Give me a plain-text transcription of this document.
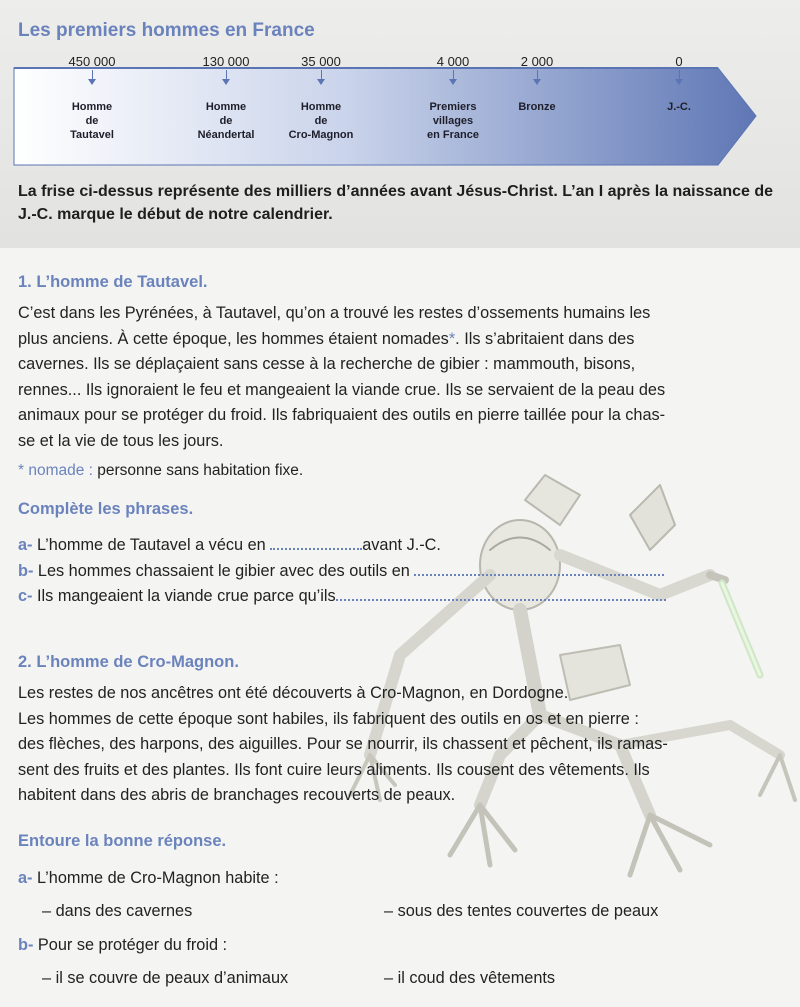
Les premiers hommes en France
450 000
Homme
de
Tautavel
130 000
Homme
de
Néandertal
35 000
Homme
de
Cro-Magnon
4 000
Premiers
villages
en France
2 000
Bronze
0
J.-C.

La frise ci-dessus représente des milliers d’années avant Jésus-Christ. L’an I après la naissance de J.-C. marque le début de notre calendrier.

1. L’homme de Tautavel.
C’est dans les Pyrénées, à Tautavel, qu’on a trouvé les restes d’ossements humains les
plus anciens. À cette époque, les hommes étaient nomades*. Ils s’abritaient dans des
cavernes. Ils se déplaçaient sans cesse à la recherche de gibier : mammouth, bisons,
rennes... Ils ignoraient le feu et mangeaient la viande crue. Ils se servaient de la peau des
animaux pour se protéger du froid. Ils fabriquaient des outils en pierre taillée pour la chas-
se et la vie de tous les jours.
* nomade : personne sans habitation fixe.
Complète les phrases.
a- L’homme de Tautavel a vécu en	avant J.-C.
b- Les hommes chassaient le gibier avec des outils en
c- Ils mangeaient la viande crue parce qu’ils
2. L’homme de Cro-Magnon.
Les restes de nos ancêtres ont été découverts à Cro-Magnon, en Dordogne.
Les hommes de cette époque sont habiles, ils fabriquent des outils en os et en pierre :
des flèches, des harpons, des aiguilles. Pour se nourrir, ils chassent et pêchent, ils ramas-
sent des fruits et des plantes. Ils font cuire leurs aliments. Ils cousent des vêtements. Ils
habitent dans des abris de branchages recouverts de peaux.
Entoure la bonne réponse.
a- L’homme de Cro-Magnon habite :
– dans des cavernes	– sous des tentes couvertes de peaux
b- Pour se protéger du froid :
– il se couvre de peaux d’animaux	– il coud des vêtements
